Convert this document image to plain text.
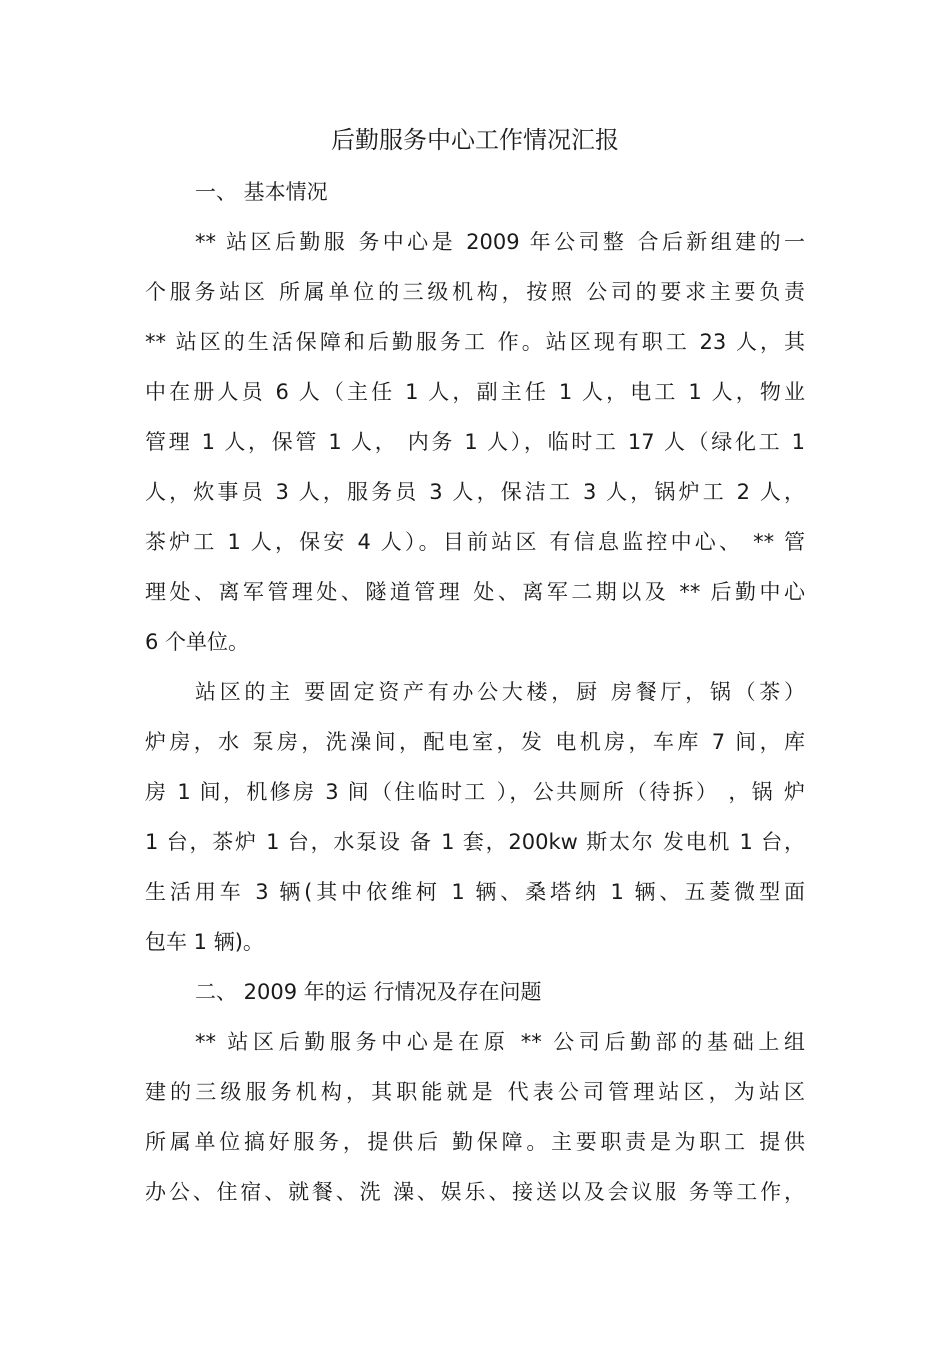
后勤服务中心工作情况汇报
一、 基本情况
** 站区后勤服 务中心是 2009 年公司整 合后新组建的一
个服务站区 所属单位的三级机构，按照 公司的要求主要负责
** 站区的生活保障和后勤服务工 作。站区现有职工 23 人，其
中在册人员 6 人（主任 1 人，副主任 1 人，电工 1 人，物业
管理 1 人，保管 1 人， 内务 1 人），临时工 17 人（绿化工 1
人，炊事员 3 人，服务员 3 人，保洁工 3 人，锅炉工 2 人，
茶炉工 1 人，保安 4 人）。目前站区 有信息监控中心、 ** 管
理处、离军管理处、隧道管理 处、离军二期以及 ** 后勤中心
6 个单位。
站区的主 要固定资产有办公大楼，厨 房餐厅，锅（茶）
炉房，水 泵房，洗澡间，配电室，发 电机房，车库 7 间，库
房 1 间，机修房 3 间（住临时工 ），公共厕所（待拆） ，锅 炉
1 台，茶炉 1 台，水泵设 备 1 套，200kw 斯太尔 发电机 1 台，
生活用车 3 辆(其中依维柯 1 辆、桑塔纳 1 辆、五菱微型面
包车 1 辆)。
二、 2009 年的运 行情况及存在问题
** 站区后勤服务中心是在原 ** 公司后勤部的基础上组
建的三级服务机构，其职能就是 代表公司管理站区，为站区
所属单位搞好服务，提供后 勤保障。主要职责是为职工 提供
办公、住宿、就餐、洗 澡、娱乐、接送以及会议服 务等工作，
